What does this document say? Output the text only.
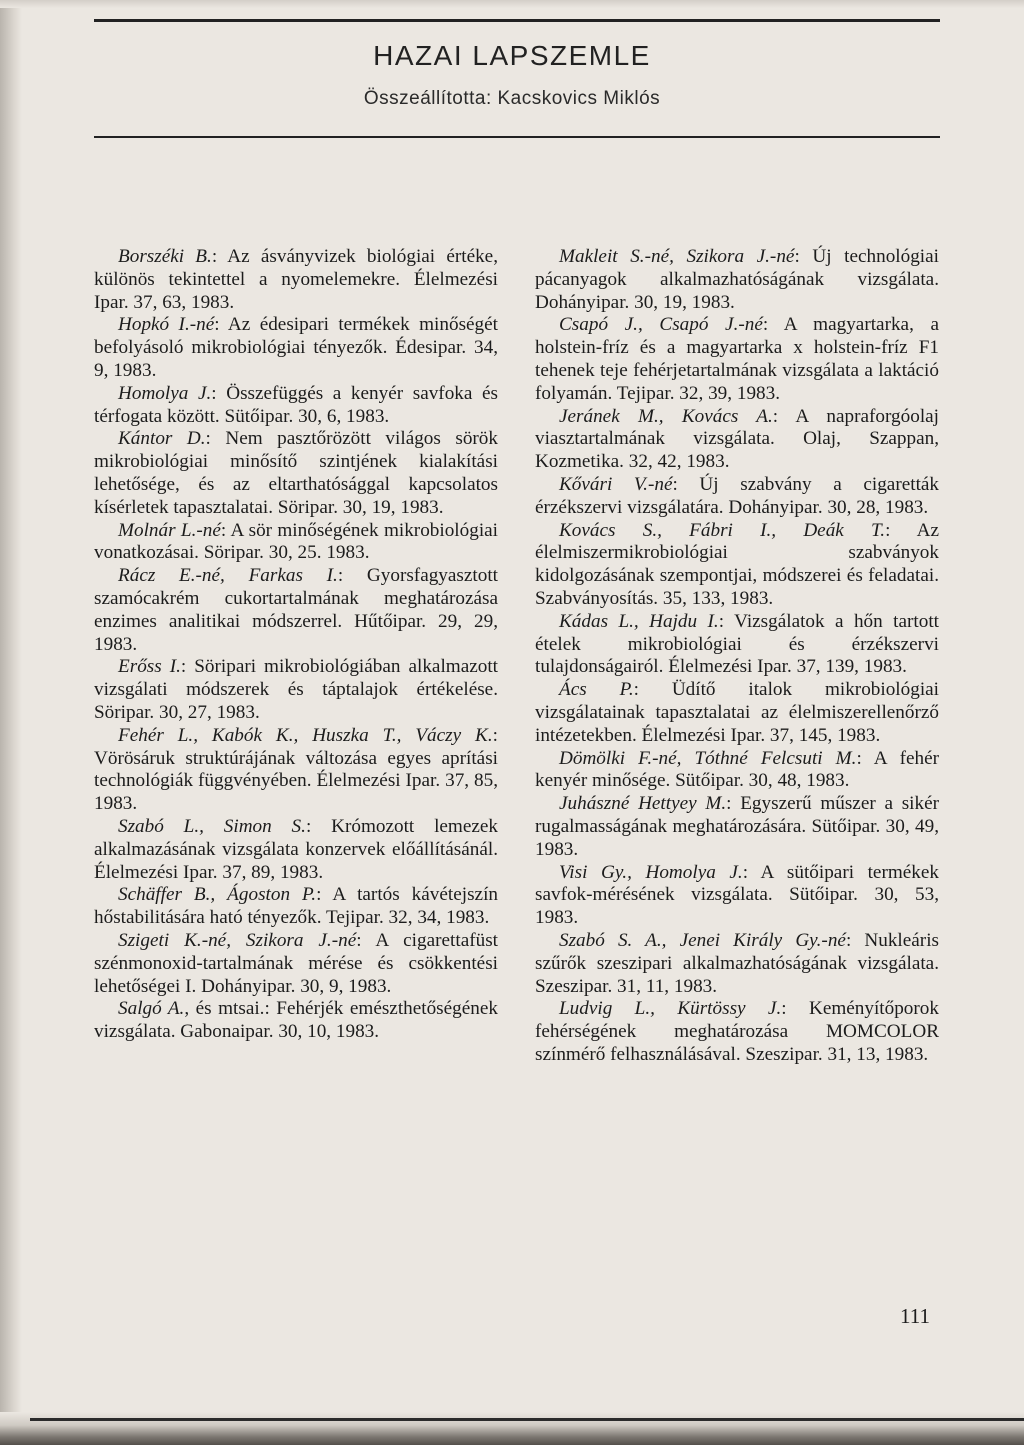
HAZAI LAPSZEMLE
Összeállította: Kacskovics Miklós

Borszéki B.: Az ásványvizek biológiai értéke, különös tekintettel a nyomelemekre. Élelmezési Ipar. 37, 63, 1983.

Hopkó I.-né: Az édesipari termékek minőségét befolyásoló mikrobiológiai tényezők. Édesipar. 34, 9, 1983.

Homolya J.: Összefüggés a kenyér savfoka és térfogata között. Sütőipar. 30, 6, 1983.

Kántor D.: Nem pasztőrözött világos sörök mikrobiológiai minősítő szintjének kialakítási lehetősége, és az eltarthatósággal kapcsolatos kísérletek tapasztalatai. Söripar. 30, 19, 1983.

Molnár L.-né: A sör minőségének mikrobiológiai vonatkozásai. Söripar. 30, 25. 1983.

Rácz E.-né, Farkas I.: Gyorsfagyasztott szamócakrém cukortartalmának meghatározása enzimes analitikai módszerrel. Hűtőipar. 29, 29, 1983.

Erőss I.: Söripari mikrobiológiában alkalmazott vizsgálati módszerek és táptalajok értékelése. Söripar. 30, 27, 1983.

Fehér L., Kabók K., Huszka T., Váczy K.: Vörösáruk struktúrájának változása egyes aprítási technológiák függvényében. Élelmezési Ipar. 37, 85, 1983.

Szabó L., Simon S.: Krómozott lemezek alkalmazásának vizsgálata konzervek előállításánál. Élelmezési Ipar. 37, 89, 1983.

Schäffer B., Ágoston P.: A tartós kávétejszín hőstabilitására ható tényezők. Tejipar. 32, 34, 1983.

Szigeti K.-né, Szikora J.-né: A cigarettafüst szénmonoxid-tartalmának mérése és csökkentési lehetőségei I. Dohányipar. 30, 9, 1983.

Salgó A., és mtsai.: Fehérjék emészthetőségének vizsgálata. Gabonaipar. 30, 10, 1983.

Makleit S.-né, Szikora J.-né: Új technológiai pácanyagok alkalmazhatóságának vizsgálata. Dohányipar. 30, 19, 1983.

Csapó J., Csapó J.-né: A magyartarka, a holstein-fríz és a magyartarka x holstein-fríz F1 tehenek teje fehérjetartalmának vizsgálata a laktáció folyamán. Tejipar. 32, 39, 1983.

Jeránek M., Kovács A.: A napraforgóolaj viasztartalmának vizsgálata. Olaj, Szappan, Kozmetika. 32, 42, 1983.

Kővári V.-né: Új szabvány a cigaretták érzékszervi vizsgálatára. Dohányipar. 30, 28, 1983.

Kovács S., Fábri I., Deák T.: Az élelmiszermikrobiológiai szabványok kidolgozásának szempontjai, módszerei és feladatai. Szabványosítás. 35, 133, 1983.

Kádas L., Hajdu I.: Vizsgálatok a hőn tartott ételek mikrobiológiai és érzékszervi tulajdonságairól. Élelmezési Ipar. 37, 139, 1983.

Ács P.: Üdítő italok mikrobiológiai vizsgálatainak tapasztalatai az élelmiszerellenőrző intézetekben. Élelmezési Ipar. 37, 145, 1983.

Dömölki F.-né, Tóthné Felcsuti M.: A fehér kenyér minősége. Sütőipar. 30, 48, 1983.

Juhászné Hettyey M.: Egyszerű műszer a sikér rugalmasságának meghatározására. Sütőipar. 30, 49, 1983.

Visi Gy., Homolya J.: A sütőipari termékek savfok-mérésének vizsgálata. Sütőipar. 30, 53, 1983.

Szabó S. A., Jenei Király Gy.-né: Nukleáris szűrők szeszipari alkalmazhatóságának vizsgálata. Szeszipar. 31, 11, 1983.

Ludvig L., Kürtössy J.: Keményítőporok fehérségének meghatározása MOMCOLOR színmérő felhasználásával. Szeszipar. 31, 13, 1983.

111
